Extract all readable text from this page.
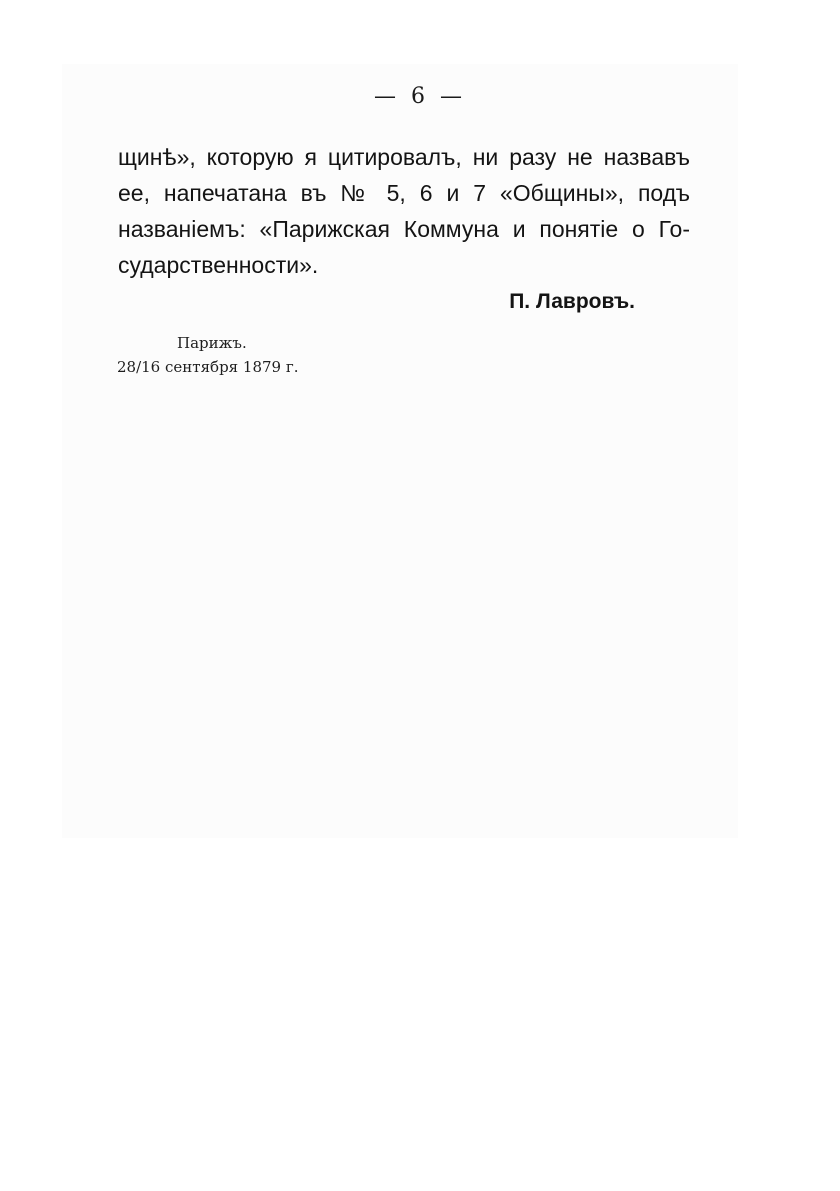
— 6 —
щинѣ», которую я цитировалъ, ни разу не назвавъ
ее, напечатана въ № 5, 6 и 7 «Общины», подъ
названіемъ: «Парижская Коммуна и понятіе о Го-
сударственности».
П. Лавровъ.
Парижъ.
28/16 сентября 1879 г.
